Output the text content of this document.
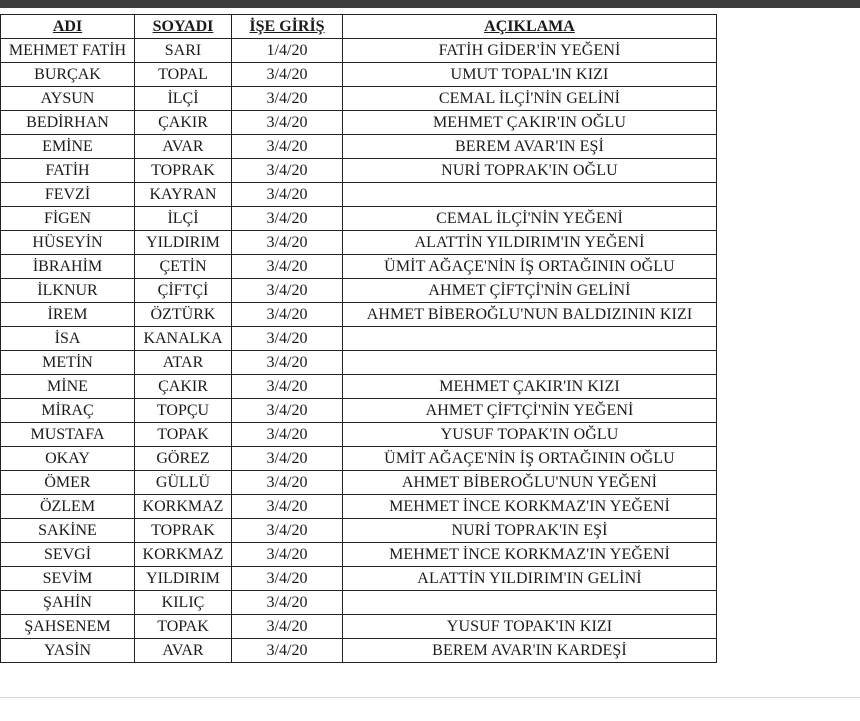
ADI	SOYADI	İŞE GİRİŞ	AÇIKLAMA
MEHMET FATİH	SARI	1/4/20	FATİH GİDER'İN YEĞENİ
BURÇAK	TOPAL	3/4/20	UMUT TOPAL'IN KIZI
AYSUN	İLÇİ	3/4/20	CEMAL İLÇİ'NİN GELİNİ
BEDİRHAN	ÇAKIR	3/4/20	MEHMET ÇAKIR'IN OĞLU
EMİNE	AVAR	3/4/20	BEREM AVAR'IN EŞİ
FATİH	TOPRAK	3/4/20	NURİ TOPRAK'IN OĞLU
FEVZİ	KAYRAN	3/4/20	
FİGEN	İLÇİ	3/4/20	CEMAL İLÇİ'NİN YEĞENİ
HÜSEYİN	YILDIRIM	3/4/20	ALATTİN YILDIRIM'IN YEĞENİ
İBRAHİM	ÇETİN	3/4/20	ÜMİT AĞAÇE'NİN İŞ ORTAĞININ OĞLU
İLKNUR	ÇİFTÇİ	3/4/20	AHMET ÇİFTÇİ'NİN GELİNİ
İREM	ÖZTÜRK	3/4/20	AHMET BİBEROĞLU'NUN BALDIZININ KIZI
İSA	KANALKA	3/4/20	
METİN	ATAR	3/4/20	
MİNE	ÇAKIR	3/4/20	MEHMET ÇAKIR'IN KIZI
MİRAÇ	TOPÇU	3/4/20	AHMET ÇİFTÇİ'NİN YEĞENİ
MUSTAFA	TOPAK	3/4/20	YUSUF TOPAK'IN OĞLU
OKAY	GÖREZ	3/4/20	ÜMİT AĞAÇE'NİN İŞ ORTAĞININ OĞLU
ÖMER	GÜLLÜ	3/4/20	AHMET BİBEROĞLU'NUN YEĞENİ
ÖZLEM	KORKMAZ	3/4/20	MEHMET İNCE KORKMAZ'IN YEĞENİ
SAKİNE	TOPRAK	3/4/20	NURİ TOPRAK'IN EŞİ
SEVGİ	KORKMAZ	3/4/20	MEHMET İNCE KORKMAZ'IN YEĞENİ
SEVİM	YILDIRIM	3/4/20	ALATTİN YILDIRIM'IN GELİNİ
ŞAHİN	KILIÇ	3/4/20	
ŞAHSENEM	TOPAK	3/4/20	YUSUF TOPAK'IN KIZI
YASİN	AVAR	3/4/20	BEREM AVAR'IN KARDEŞİ
